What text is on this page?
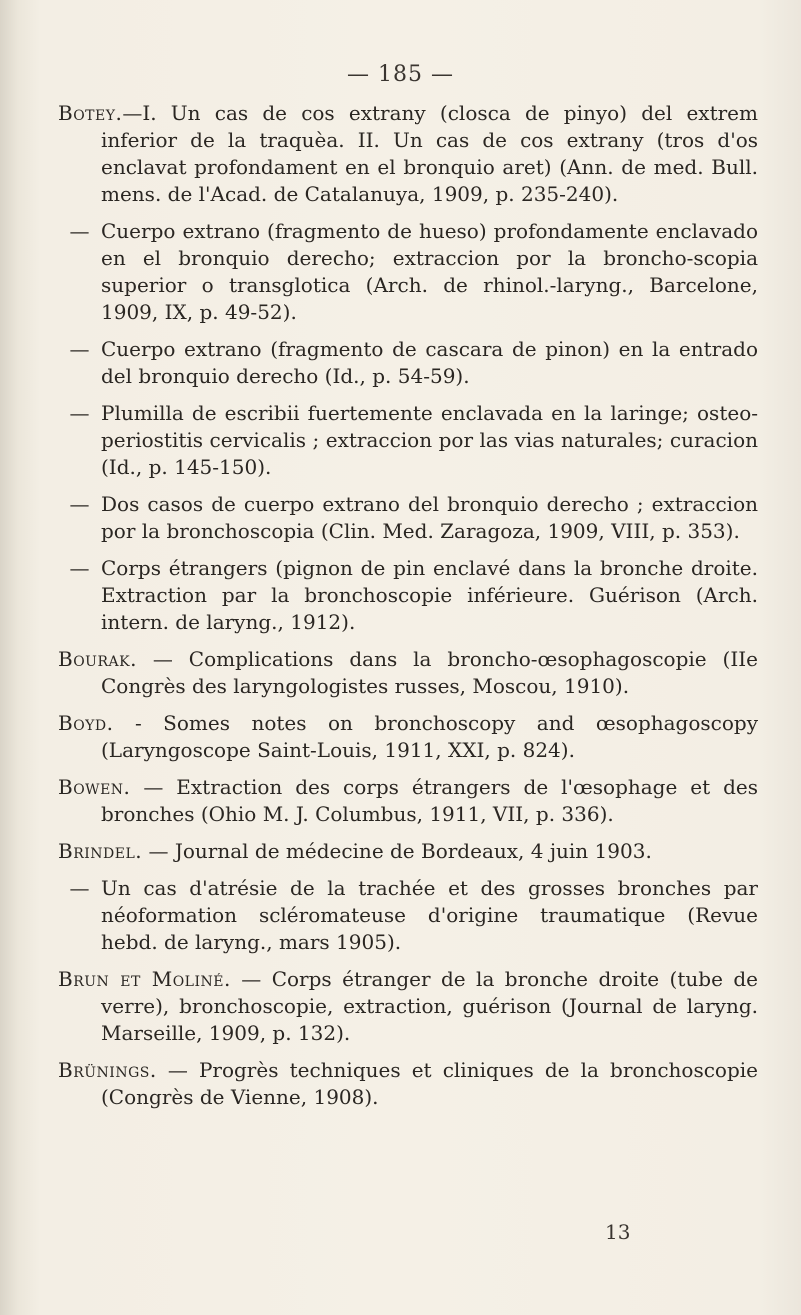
— 185 —

Botey.—I. Un cas de cos extrany (closca de pinyo) del extrem inferior de la traquèa. II. Un cas de cos extrany (tros d'os enclavat profondament en el bronquio aret) (Ann. de med. Bull. mens. de l'Acad. de Catalanuya, 1909, p. 235-240).

— Cuerpo extrano (fragmento de hueso) profondamente enclavado en el bronquio derecho; extraccion por la broncho-scopia superior o transglotica (Arch. de rhinol.-laryng., Barcelone, 1909, IX, p. 49-52).

— Cuerpo extrano (fragmento de cascara de pinon) en la entrado del bronquio derecho (Id., p. 54-59).

— Plumilla de escribii fuertemente enclavada en la laringe; osteo-periostitis cervicalis ; extraccion por las vias naturales; curacion (Id., p. 145-150).

— Dos casos de cuerpo extrano del bronquio derecho ; extraccion por la bronchoscopia (Clin. Med. Zaragoza, 1909, VIII, p. 353).

— Corps étrangers (pignon de pin enclavé dans la bronche droite. Extraction par la bronchoscopie inférieure. Guérison (Arch. intern. de laryng., 1912).

Bourak. — Complications dans la broncho-œsophagoscopie (IIe Congrès des laryngologistes russes, Moscou, 1910).

Boyd. - Somes notes on bronchoscopy and œsophagoscopy (Laryngoscope Saint-Louis, 1911, XXI, p. 824).

Bowen. — Extraction des corps étrangers de l'œsophage et des bronches (Ohio M. J. Columbus, 1911, VII, p. 336).

Brindel. — Journal de médecine de Bordeaux, 4 juin 1903.

— Un cas d'atrésie de la trachée et des grosses bronches par néoformation scléromateuse d'origine traumatique (Revue hebd. de laryng., mars 1905).

Brun et Moliné. — Corps étranger de la bronche droite (tube de verre), bronchoscopie, extraction, guérison (Journal de laryng. Marseille, 1909, p. 132).

Brünings. — Progrès techniques et cliniques de la bronchoscopie (Congrès de Vienne, 1908).

13
